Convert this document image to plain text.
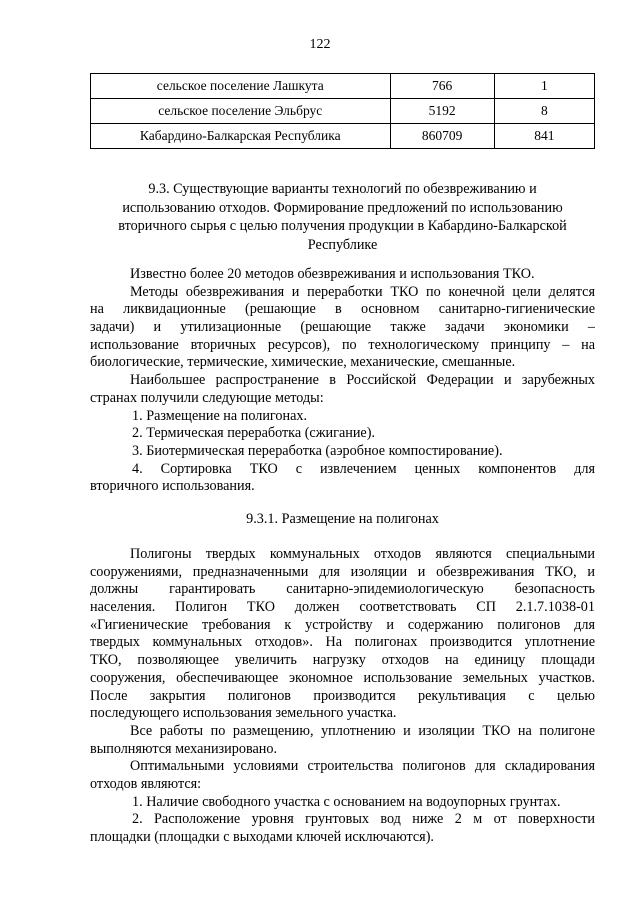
122
сельское поселение Лашкута	766	1
сельское поселение Эльбрус	5192	8
Кабардино-Балкарская Республика	860709	841
9.3. Существующие варианты технологий по обезвреживанию и
использованию отходов. Формирование предложений по использованию
вторичного сырья с целью получения продукции в Кабардино-Балкарской
Республике
Известно более 20 методов обезвреживания и использования ТКО.
Методы обезвреживания и переработки ТКО по конечной цели делятся
на ликвидационные (решающие в основном санитарно-гигиенические
задачи) и утилизационные (решающие также задачи экономики –
использование вторичных ресурсов), по технологическому принципу – на
биологические, термические, химические, механические, смешанные.
Наибольшее распространение в Российской Федерации и зарубежных
странах получили следующие методы:
1. Размещение на полигонах.
2. Термическая переработка (сжигание).
3. Биотермическая переработка (аэробное компостирование).
4. Сортировка ТКО с извлечением ценных компонентов для
вторичного использования.
9.3.1. Размещение на полигонах
Полигоны твердых коммунальных отходов являются специальными
сооружениями, предназначенными для изоляции и обезвреживания ТКО, и
должны гарантировать санитарно-эпидемиологическую безопасность
населения. Полигон ТКО должен соответствовать СП 2.1.7.1038-01
«Гигиенические требования к устройству и содержанию полигонов для
твердых коммунальных отходов». На полигонах производится уплотнение
ТКО, позволяющее увеличить нагрузку отходов на единицу площади
сооружения, обеспечивающее экономное использование земельных участков.
После закрытия полигонов производится рекультивация с целью
последующего использования земельного участка.
Все работы по размещению, уплотнению и изоляции ТКО на полигоне
выполняются механизировано.
Оптимальными условиями строительства полигонов для складирования
отходов являются:
1. Наличие свободного участка с основанием на водоупорных грунтах.
2. Расположение уровня грунтовых вод ниже 2 м от поверхности
площадки (площадки с выходами ключей исключаются).
